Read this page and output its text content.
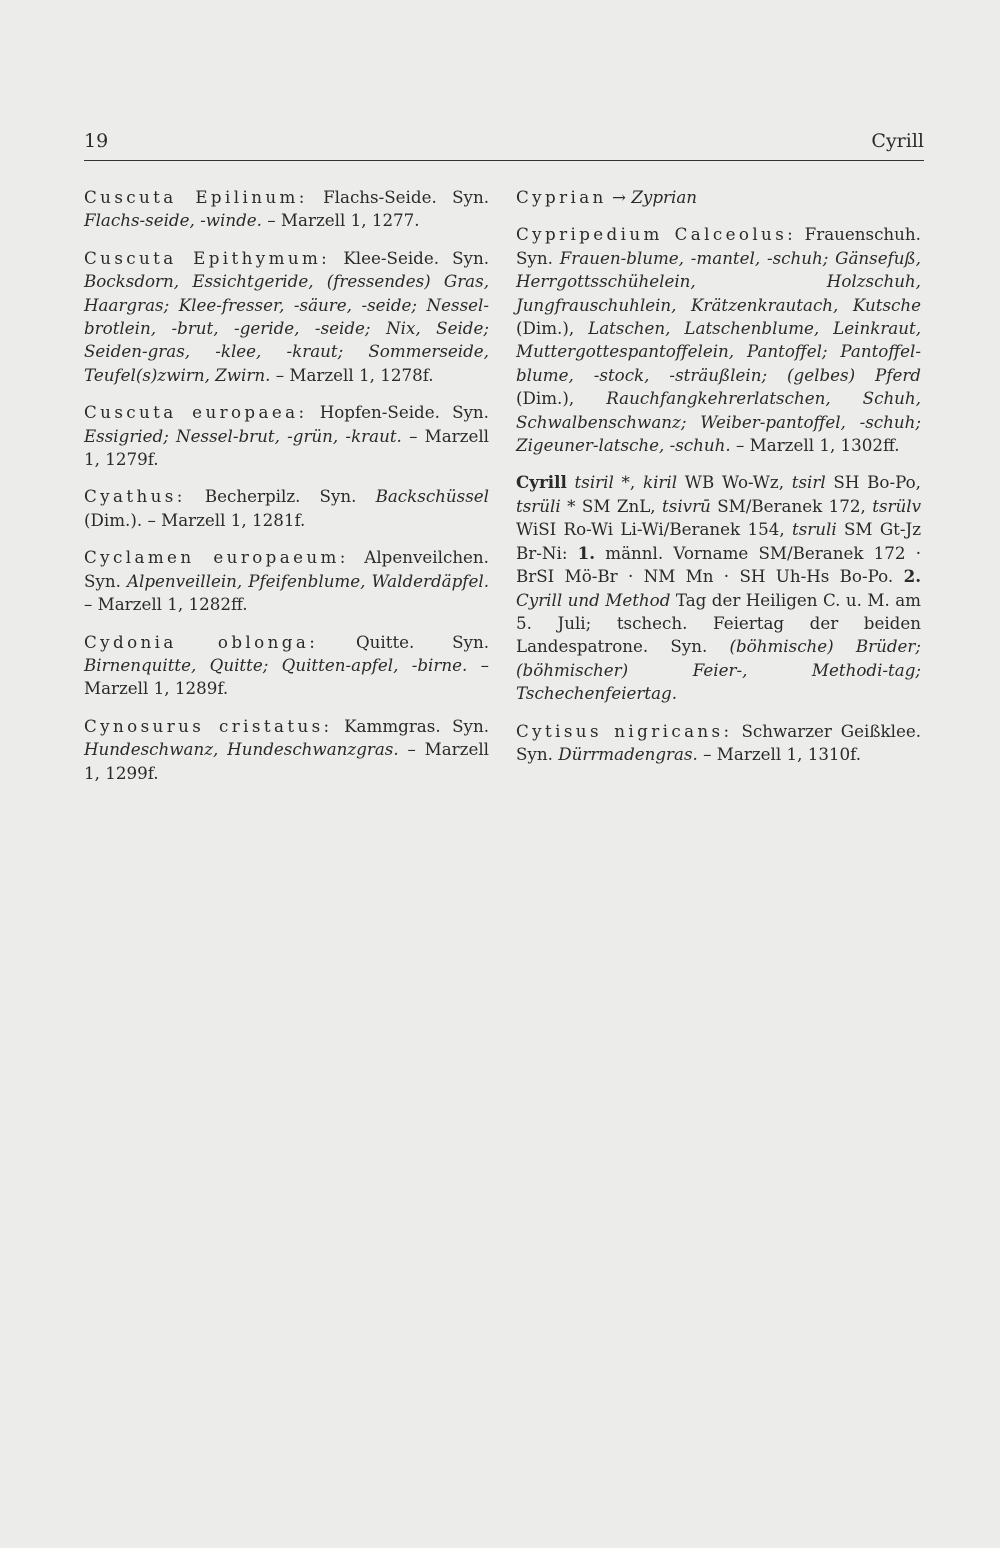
19	Cyrill

Cuscuta Epilinum: Flachs-Seide. Syn. Flachs-seide, -winde. – Marzell 1, 1277.

Cuscuta Epithymum: Klee-Seide. Syn. Bocksdorn, Essichtgeride, (fressendes) Gras, Haargras; Klee-fresser, -säure, -seide; Nessel-brotlein, -brut, -geride, -seide; Nix, Seide; Seiden-gras, -klee, -kraut; Sommerseide, Teufel(s)zwirn, Zwirn. – Marzell 1, 1278f.

Cuscuta europaea: Hopfen-Seide. Syn. Essigried; Nessel-brut, -grün, -kraut. – Marzell 1, 1279f.

Cyathus: Becherpilz. Syn. Backschüssel (Dim.). – Marzell 1, 1281f.

Cyclamen europaeum: Alpenveilchen. Syn. Alpenveillein, Pfeifenblume, Walderdäpfel. – Marzell 1, 1282ff.

Cydonia oblonga: Quitte. Syn. Birnenquitte, Quitte; Quitten-apfel, -birne. – Marzell 1, 1289f.

Cynosurus cristatus: Kammgras. Syn. Hundeschwanz, Hundeschwanzgras. – Marzell 1, 1299f.

Cyprian → Zyprian

Cypripedium Calceolus: Frauenschuh. Syn. Frauen-blume, -mantel, -schuh; Gänsefuß, Herrgottsschühelein, Holzschuh, Jungfrauschuhlein, Krätzenkrautach, Kutsche (Dim.), Latschen, Latschenblume, Leinkraut, Muttergottespantoffelein, Pantoffel; Pantoffel-blume, -stock, -sträußlein; (gelbes) Pferd (Dim.), Rauchfangkehrerlatschen, Schuh, Schwalbenschwanz; Weiber-pantoffel, -schuh; Zigeuner-latsche, -schuh. – Marzell 1, 1302ff.

Cyrill tsiril *, kiril WB Wo-Wz, tsirl SH Bo-Po, tsrüli * SM ZnL, tsivrū SM/Beranek 172, tsrülv WiSI Ro-Wi Li-Wi/Beranek 154, tsruli SM Gt-Jz Br-Ni: 1. männl. Vorname SM/Beranek 172 · BrSI Mö-Br · NM Mn · SH Uh-Hs Bo-Po. 2. Cyrill und Method Tag der Heiligen C. u. M. am 5. Juli; tschech. Feiertag der beiden Landespatrone. Syn. (böhmische) Brüder; (böhmischer) Feier-, Methodi-tag; Tschechenfeiertag.

Cytisus nigricans: Schwarzer Geißklee. Syn. Dürrmadengras. – Marzell 1, 1310f.
